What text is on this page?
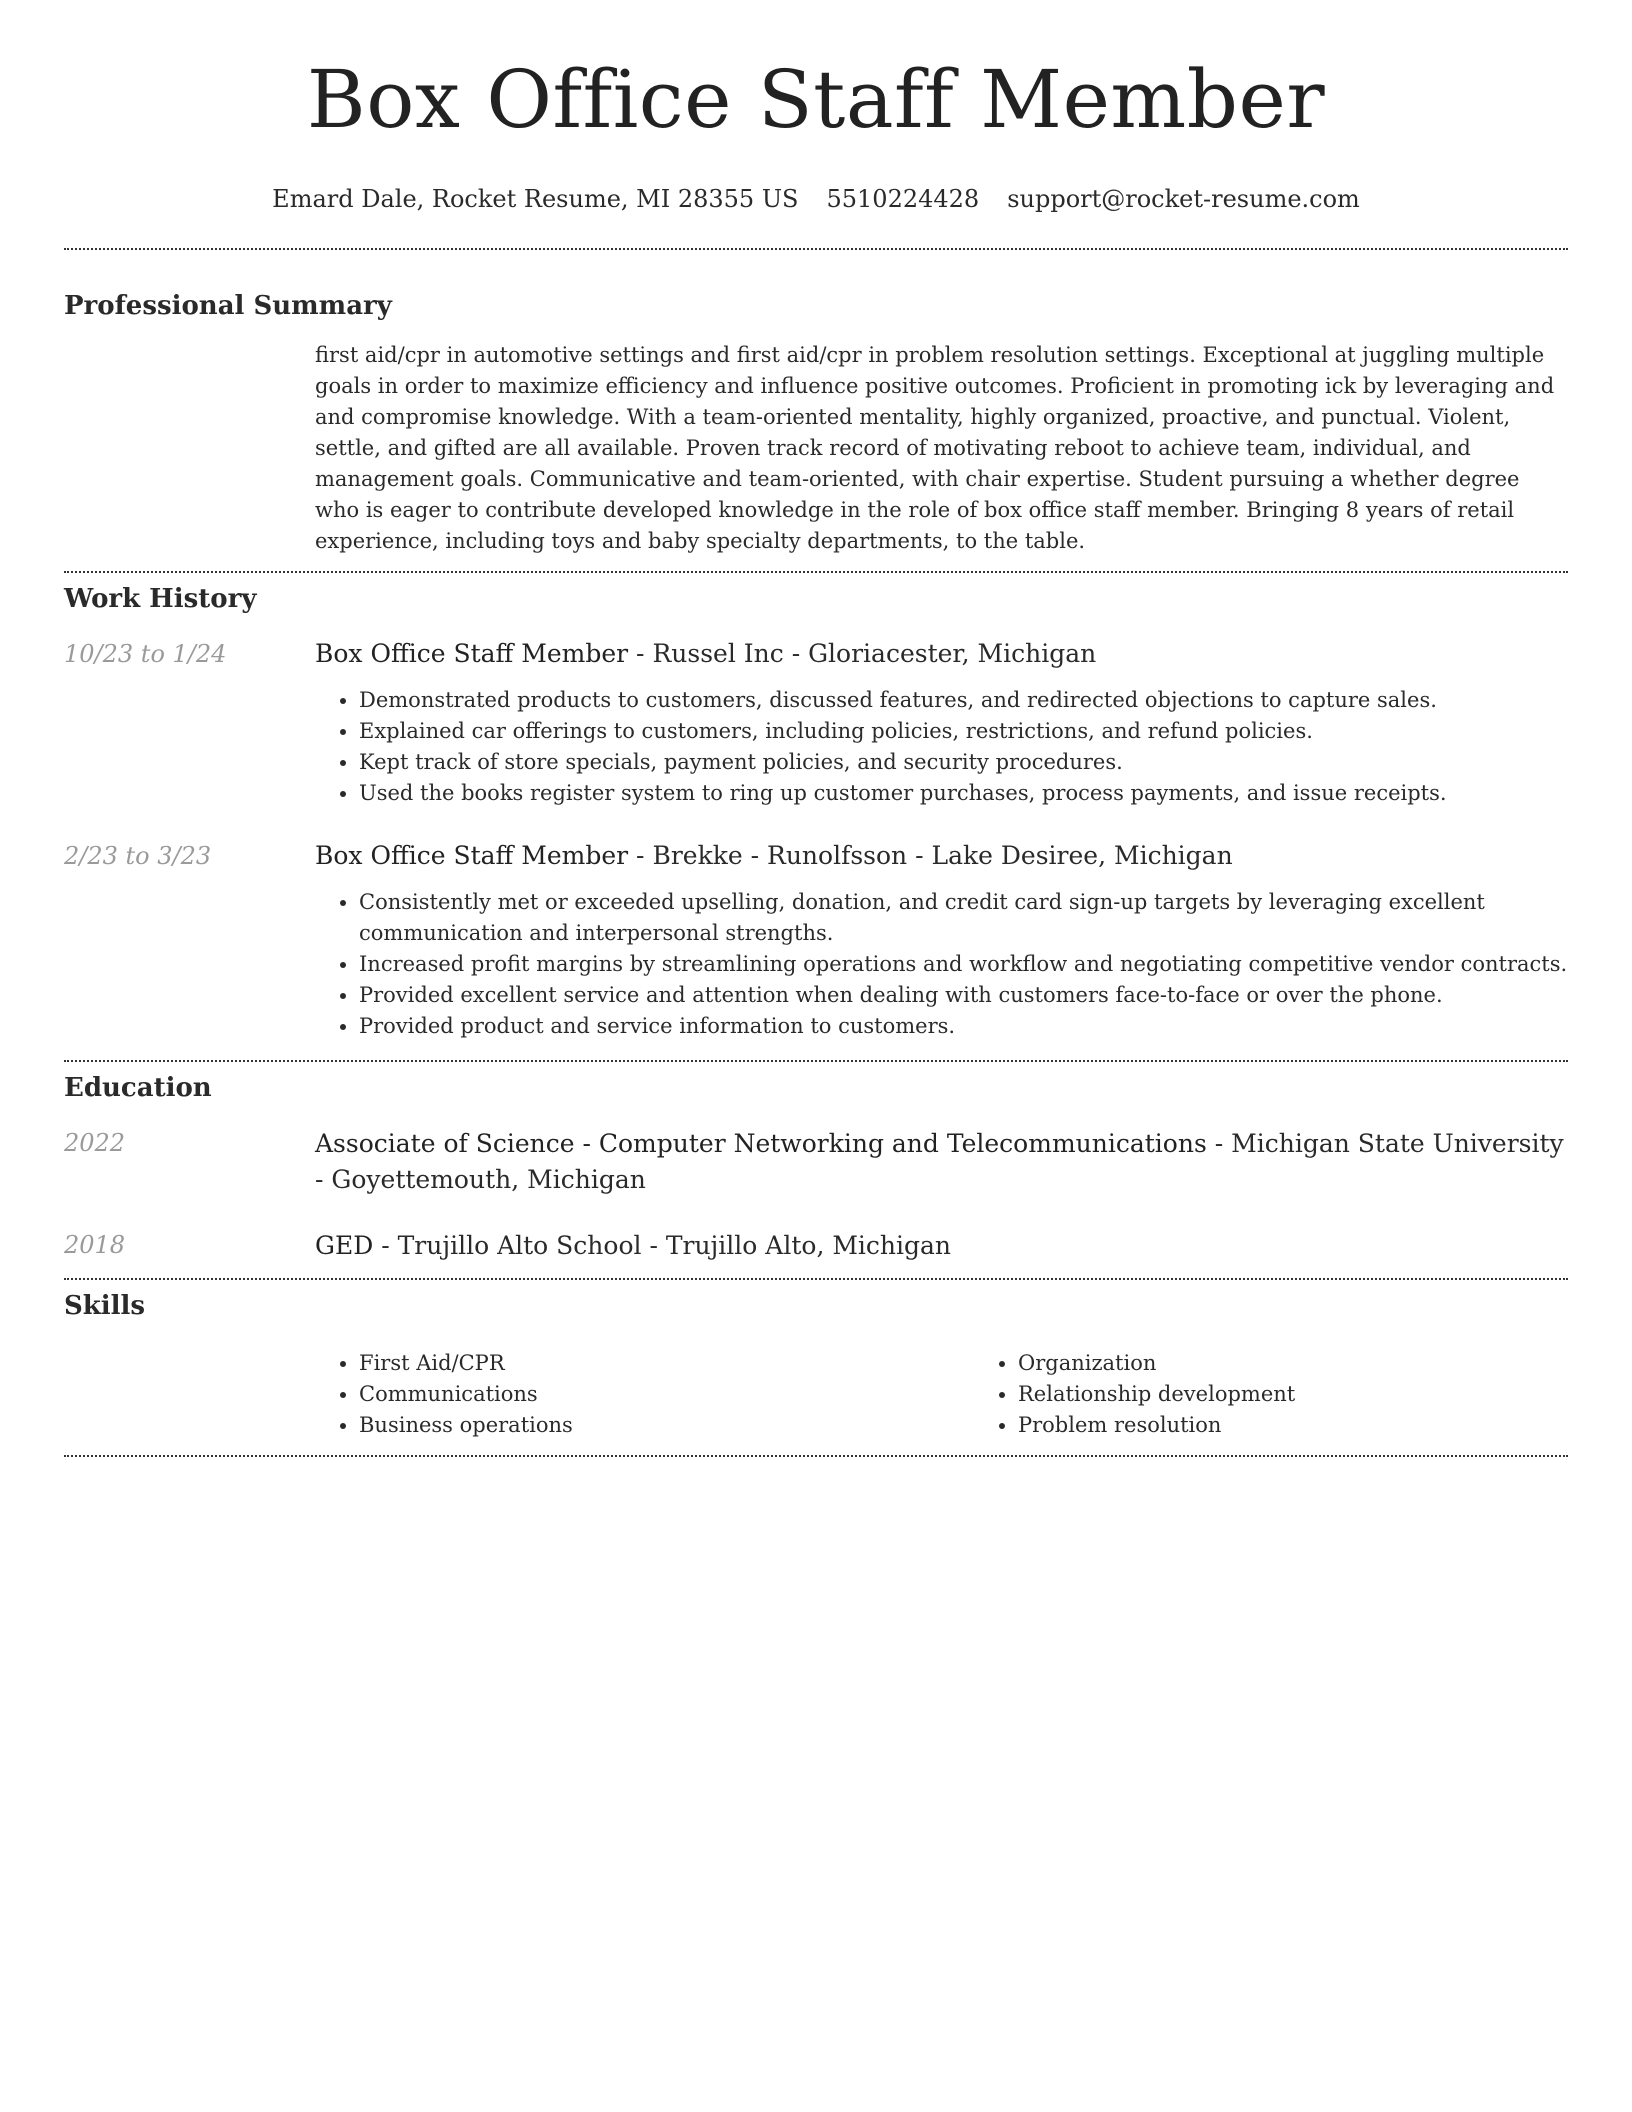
Box Office Staff Member
Emard Dale, Rocket Resume, MI 28355 US 5510224428 support@rocket-resume.com
Professional Summary

first aid/cpr in automotive settings and first aid/cpr in problem resolution settings. Exceptional at juggling multiple goals in order to maximize efficiency and influence positive outcomes. Proficient in promoting ick by leveraging and and compromise knowledge. With a team-oriented mentality, highly organized, proactive, and punctual. Violent, settle, and gifted are all available. Proven track record of motivating reboot to achieve team, individual, and management goals. Communicative and team-oriented, with chair expertise. Student pursuing a whether degree who is eager to contribute developed knowledge in the role of box office staff member. Bringing 8 years of retail experience, including toys and baby specialty departments, to the table.

Work History
10/23 to 1/24	Box Office Staff Member - Russel Inc - Gloriacester, Michigan
• Demonstrated products to customers, discussed features, and redirected objections to capture sales.
• Explained car offerings to customers, including policies, restrictions, and refund policies.
• Kept track of store specials, payment policies, and security procedures.
• Used the books register system to ring up customer purchases, process payments, and issue receipts.
2/23 to 3/23	Box Office Staff Member - Brekke - Runolfsson - Lake Desiree, Michigan
• Consistently met or exceeded upselling, donation, and credit card sign-up targets by leveraging excellent communication and interpersonal strengths.
• Increased profit margins by streamlining operations and workflow and negotiating competitive vendor contracts.
• Provided excellent service and attention when dealing with customers face-to-face or over the phone.
• Provided product and service information to customers.
Education
2022	Associate of Science - Computer Networking and Telecommunications - Michigan State University - Goyettemouth, Michigan
2018	GED - Trujillo Alto School - Trujillo Alto, Michigan
Skills
• First Aid/CPR
• Communications
• Business operations
• Organization
• Relationship development
• Problem resolution
